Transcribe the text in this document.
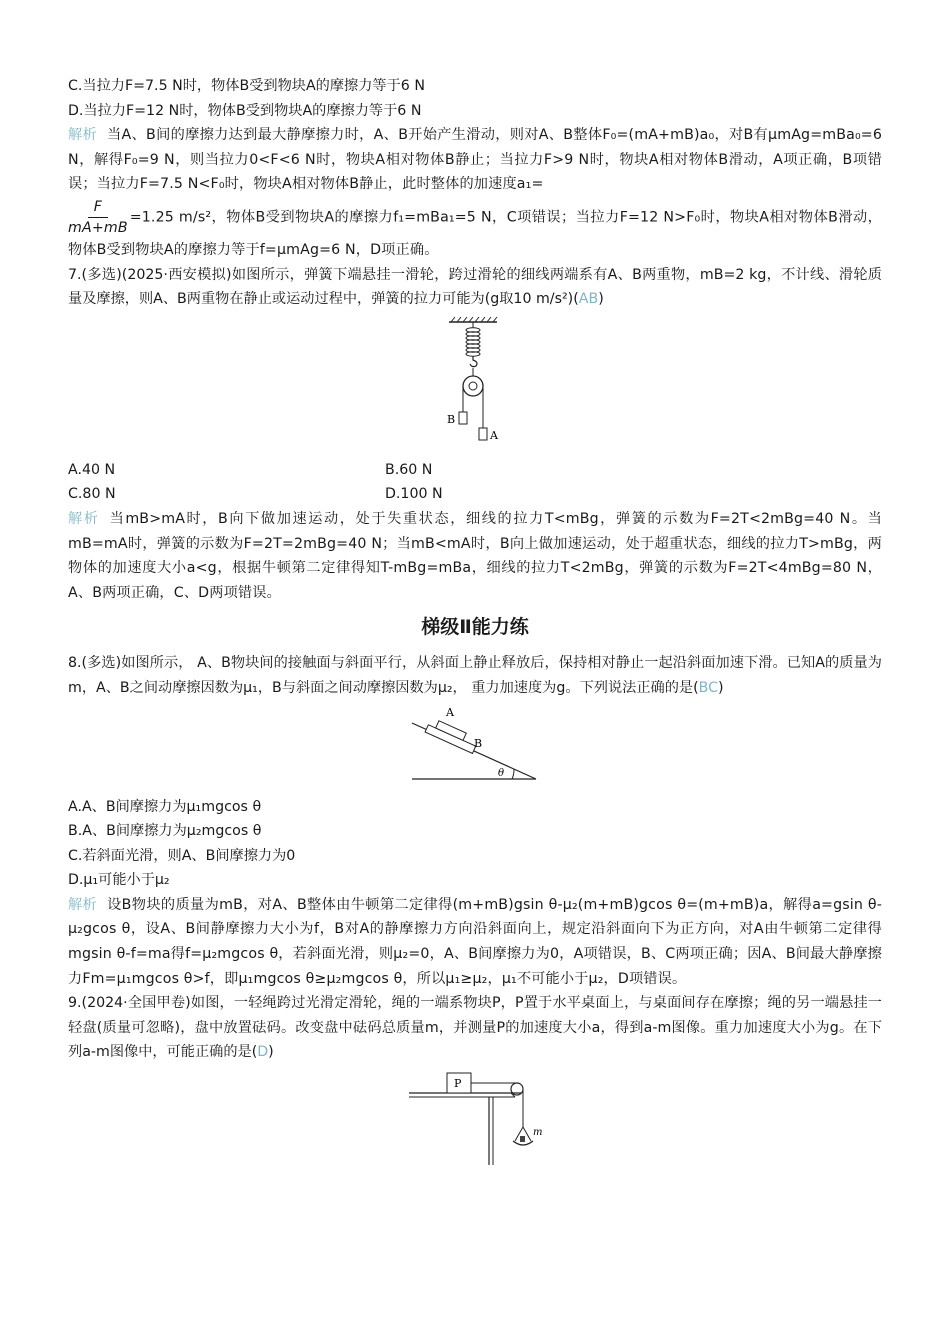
C.当拉力F=7.5 N时，物体B受到物块A的摩擦力等于6 N
D.当拉力F=12 N时，物体B受到物块A的摩擦力等于6 N
解析 当A、B间的摩擦力达到最大静摩擦力时，A、B开始产生滑动，则对A、B整体F₀=(mA+mB)a₀，对B有μmAg=mBa₀=6 N，解得F₀=9 N，则当拉力0<F<6 N时，物块A相对物体B静止；当拉力F>9 N时，物块A相对物体B滑动，A项正确，B项错误；当拉力F=7.5 N<F₀时，物块A相对物体B静止，此时整体的加速度a₁=

$\frac{F}{mA+mB} =1.25$ m/s²，物体B受到物块A的摩擦力f₁=mBa₁=5 N，C项错误；当拉力F=12 N>F₀时，物块A相对物体B滑动，物体B受到物块A的摩擦力等于f=μmAg=6 N，D项正确。
7.(多选)(2025·西安模拟)如图所示，弹簧下端悬挂一滑轮，跨过滑轮的细线两端系有A、B两重物，mB=2 kg，不计线、滑轮质量及摩擦，则A、B两重物在静止或运动过程中，弹簧的拉力可能为(g取10 m/s²)(AB)
B
A
A.40 N	B.60 N
C.80 N	D.100 N
解析 当mB>mA时，B向下做加速运动，处于失重状态，细线的拉力T<mBg，弹簧的示数为F=2T<2mBg=40 N。当mB=mA时，弹簧的示数为F=2T=2mBg=40 N；当mB<mA时，B向上做加速运动，处于超重状态，细线的拉力T>mBg，两物体的加速度大小a<g，根据牛顿第二定律得知T-mBg=mBa，细线的拉力T<2mBg，弹簧的示数为F=2T<4mBg=80 N，A、B两项正确，C、D两项错误。
梯级Ⅱ能力练
8.(多选)如图所示， A、B物块间的接触面与斜面平行，从斜面上静止释放后，保持相对静止一起沿斜面加速下滑。已知A的质量为m，A、B之间动摩擦因数为μ₁，B与斜面之间动摩擦因数为μ₂， 重力加速度为g。下列说法正确的是(BC)
A
B
θ
A.A、B间摩擦力为μ₁mgcos θ
B.A、B间摩擦力为μ₂mgcos θ
C.若斜面光滑，则A、B间摩擦力为0
D.μ₁可能小于μ₂
解析 设B物块的质量为mB，对A、B整体由牛顿第二定律得(m+mB)gsin θ-μ₂(m+mB)gcos θ=(m+mB)a，解得a=gsin θ-μ₂gcos θ，设A、B间静摩擦力大小为f，B对A的静摩擦力方向沿斜面向上，规定沿斜面向下为正方向，对A由牛顿第二定律得mgsin θ-f=ma得f=μ₂mgcos θ，若斜面光滑，则μ₂=0，A、B间摩擦力为0，A项错误，B、C两项正确；因A、B间最大静摩擦力Fm=μ₁mgcos θ>f，即μ₁mgcos θ≥μ₂mgcos θ，所以μ₁≥μ₂，μ₁不可能小于μ₂，D项错误。
9.(2024·全国甲卷)如图，一轻绳跨过光滑定滑轮，绳的一端系物块P，P置于水平桌面上，与桌面间存在摩擦；绳的另一端悬挂一轻盘(质量可忽略)，盘中放置砝码。改变盘中砝码总质量m，并测量P的加速度大小a，得到a-m图像。重力加速度大小为g。在下列a-m图像中，可能正确的是(D)
P
m
